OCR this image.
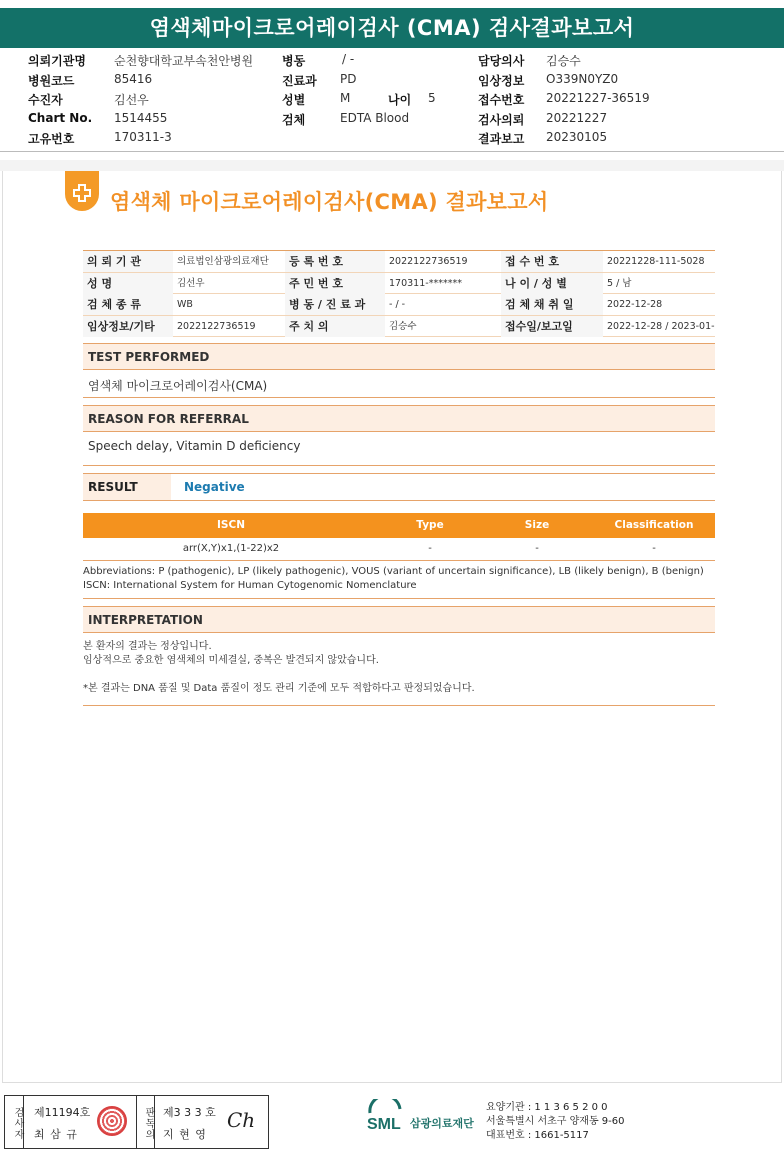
염색체마이크로어레이검사 (CMA) 검사결과보고서
의뢰기관명 순천향대학교부속천안병원 병동	/ -	담당의사 김승수
병원코드	85416	진료과 PD	임상정보 O339N0YZ0
수진자	김선우	성별	M	나이 5	접수번호 20221227-36519
Chart No. 1514455	검체	EDTA Blood	검사의뢰 20221227
고유번호	170311-3	결과보고 20230105
염색체 마이크로어레이검사(CMA) 결과보고서
의 뢰 기 관	의료법인삼광의료재단	등 록 번 호	2022122736519	접 수 번 호	20221228-111-5028
성 명	김선우	주 민 번 호	170311-*******	나 이 / 성 별	5 / 남
검 체 종 류	WB	병 동 / 진 료 과	- / -	검 체 채 취 일	2022-12-28
임상정보/기타	2022122736519	주 치 의	김승수	접수일/보고일	2022-12-28 / 2023-01-
TEST PERFORMED
염색체 마이크로어레이검사(CMA)
REASON FOR REFERRAL
Speech delay, Vitamin D deficiency
RESULT	Negative
ISCN	Type	Size	Classification
arr(X,Y)x1,(1-22)x2	-	-	-
Abbreviations: P (pathogenic), LP (likely pathogenic), VOUS (variant of uncertain significance), LB (likely benign), B (benign)
ISCN: International System for Human Cytogenomic Nomenclature
INTERPRETATION
본 환자의 결과는 정상입니다.
임상적으로 중요한 염색체의 미세결실, 중복은 발견되지 않았습니다.
*본 결과는 DNA 품질 및 Data 품질이 정도 관리 기준에 모두 적합하다고 판정되었습니다.
검사자 제11194호
최 삼 규	판독의 제3 3 3 호
지 현 영
Ch	SML 삼광의료재단
요양기관 : 1 1 3 6 5 2 0 0
서울특별시 서초구 양재동 9-60
대표번호 : 1661-5117
